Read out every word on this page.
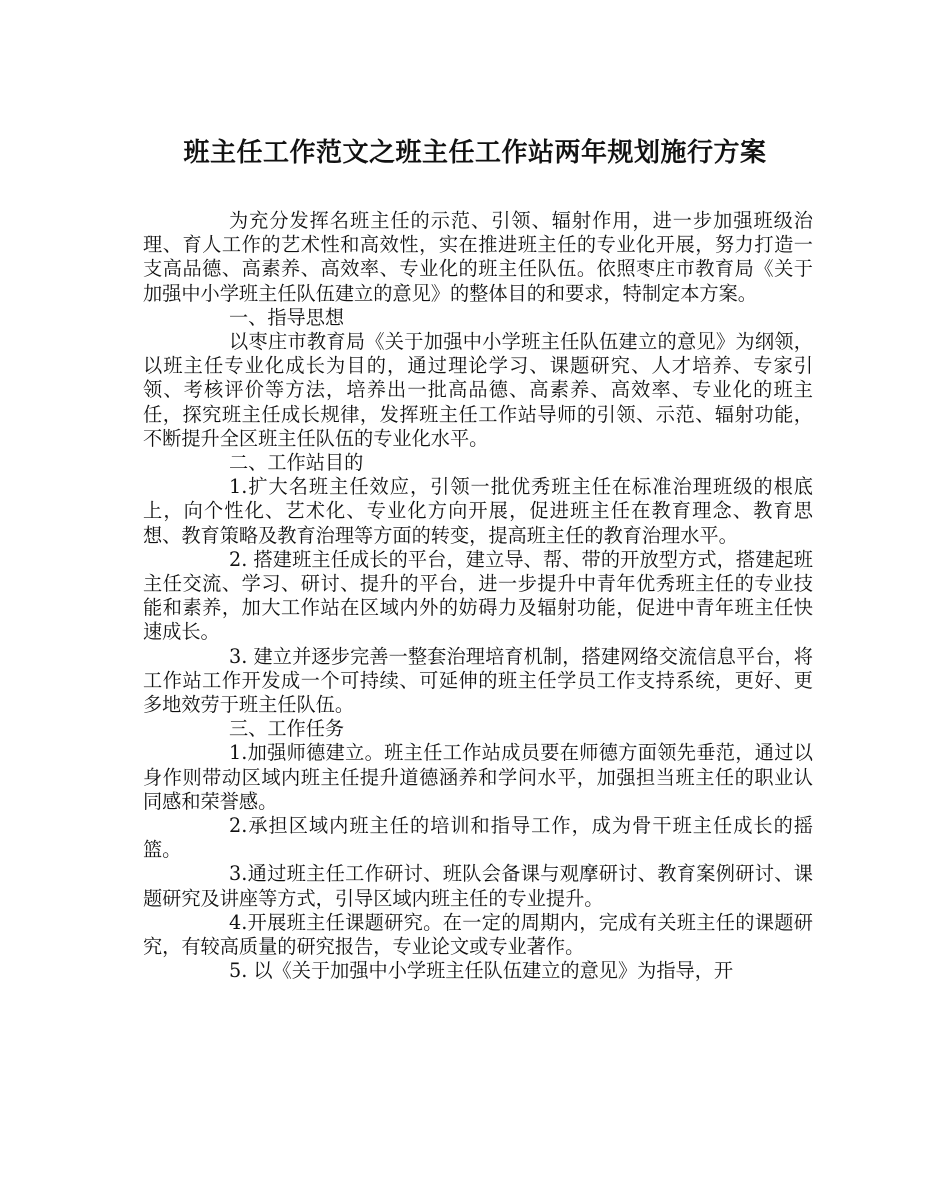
班主任工作范文之班主任工作站两年规划施行方案

为充分发挥名班主任的示范、引领、辐射作用，进一步加强班级治理、育人工作的艺术性和高效性，实在推进班主任的专业化开展，努力打造一支高品德、高素养、高效率、专业化的班主任队伍。依照枣庄市教育局《关于加强中小学班主任队伍建立的意见》的整体目的和要求，特制定本方案。

一、指导思想

以枣庄市教育局《关于加强中小学班主任队伍建立的意见》为纲领，以班主任专业化成长为目的，通过理论学习、课题研究、人才培养、专家引领、考核评价等方法，培养出一批高品德、高素养、高效率、专业化的班主任，探究班主任成长规律，发挥班主任工作站导师的引领、示范、辐射功能，不断提升全区班主任队伍的专业化水平。

二、工作站目的

1.扩大名班主任效应，引领一批优秀班主任在标准治理班级的根底上，向个性化、艺术化、专业化方向开展，促进班主任在教育理念、教育思想、教育策略及教育治理等方面的转变，提高班主任的教育治理水平。

2. 搭建班主任成长的平台，建立导、帮、带的开放型方式，搭建起班主任交流、学习、研讨、提升的平台，进一步提升中青年优秀班主任的专业技能和素养，加大工作站在区域内外的妨碍力及辐射功能，促进中青年班主任快速成长。

3. 建立并逐步完善一整套治理培育机制，搭建网络交流信息平台，将工作站工作开发成一个可持续、可延伸的班主任学员工作支持系统，更好、更多地效劳于班主任队伍。

三、工作任务

1.加强师德建立。班主任工作站成员要在师德方面领先垂范，通过以身作则带动区域内班主任提升道德涵养和学问水平，加强担当班主任的职业认同感和荣誉感。

2.承担区域内班主任的培训和指导工作，成为骨干班主任成长的摇篮。

3.通过班主任工作研讨、班队会备课与观摩研讨、教育案例研讨、课题研究及讲座等方式，引导区域内班主任的专业提升。

4.开展班主任课题研究。在一定的周期内，完成有关班主任的课题研究，有较高质量的研究报告，专业论文或专业著作。

5. 以《关于加强中小学班主任队伍建立的意见》为指导，开
